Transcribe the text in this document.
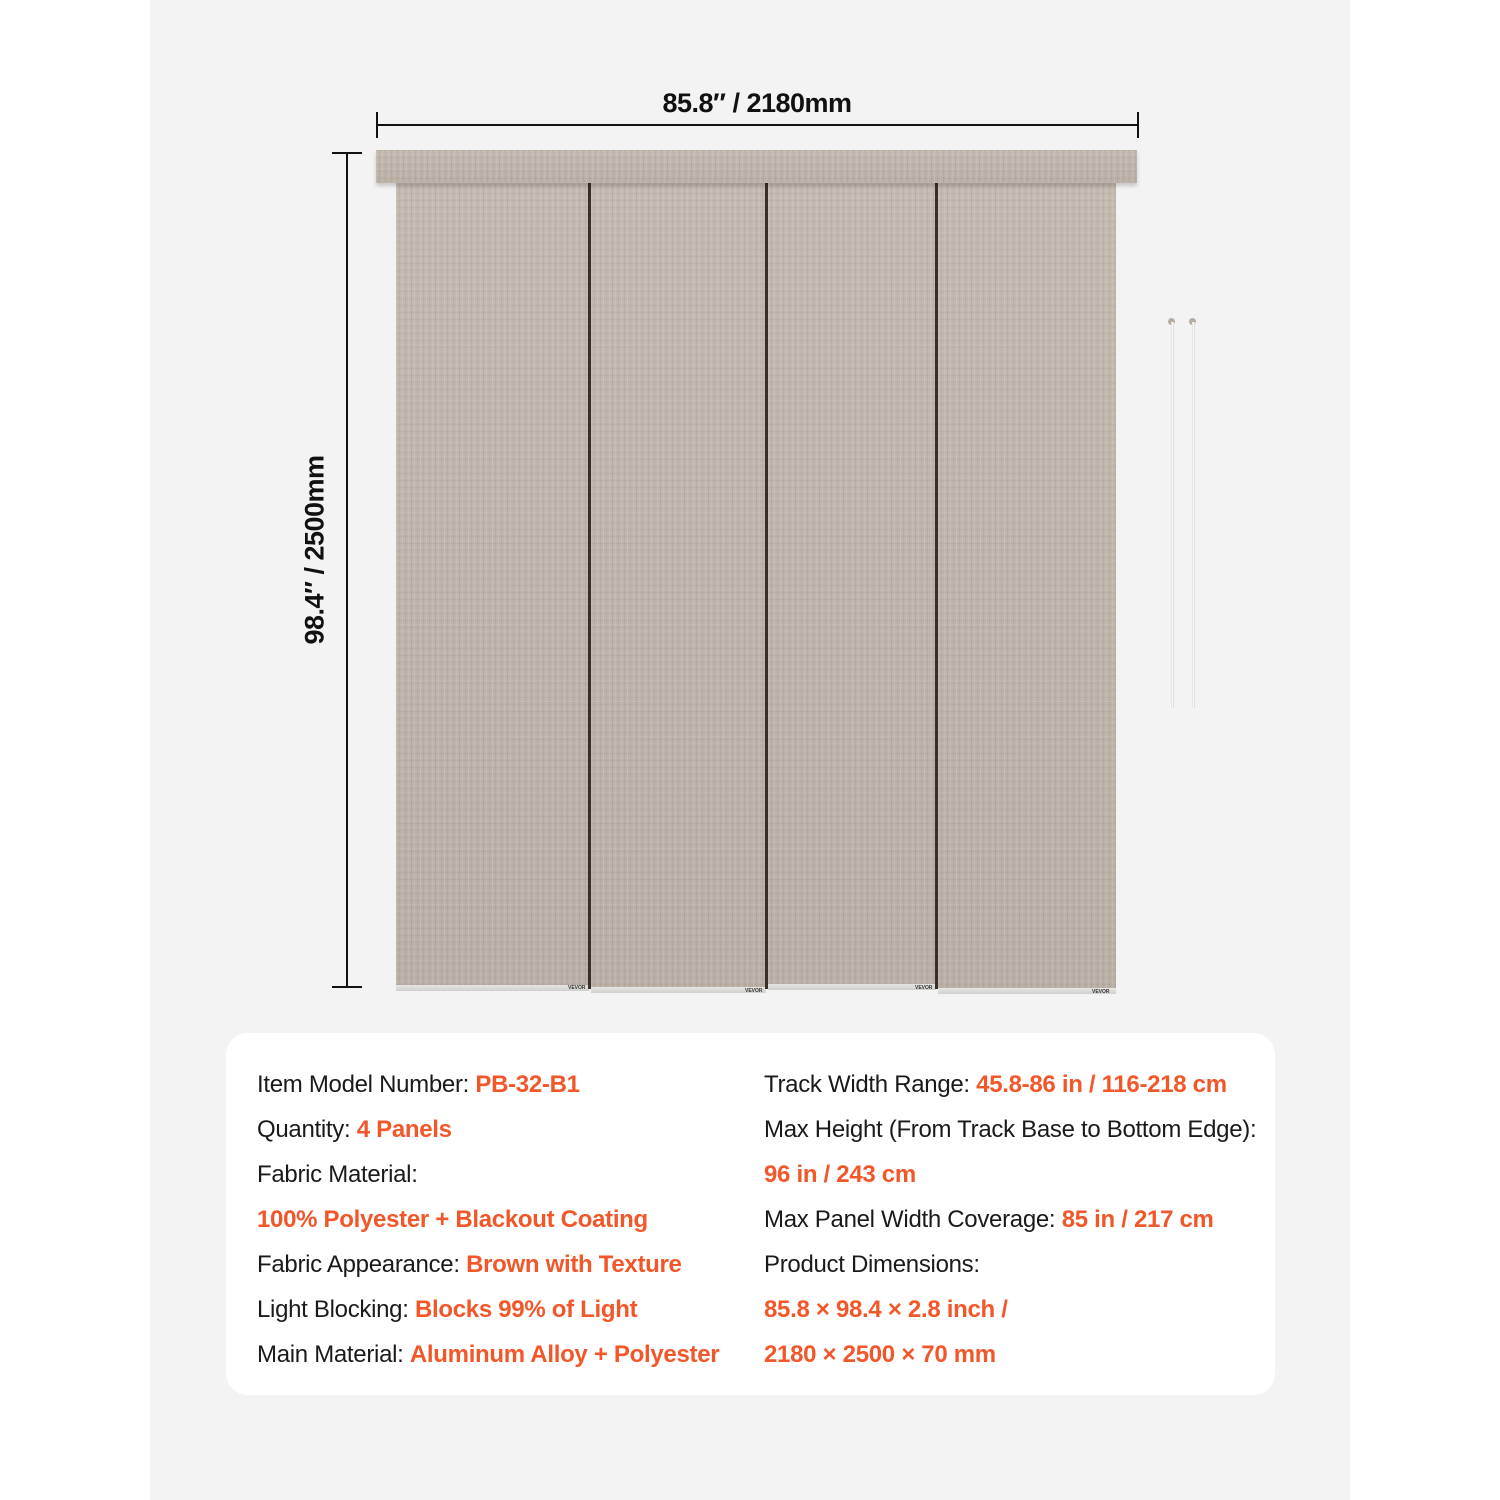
85.8″ / 2180mm
98.4″ / 2500mm
VEVOR	VEVOR	VEVOR
VEVOR
Item Model Number: PB-32-B1
Quantity: 4 Panels
Fabric Material:
100% Polyester + Blackout Coating
Fabric Appearance: Brown with Texture
Light Blocking: Blocks 99% of Light
Main Material: Aluminum Alloy + Polyester
Track Width Range: 45.8-86 in / 116-218 cm
Max Height (From Track Base to Bottom Edge):
96 in / 243 cm
Max Panel Width Coverage: 85 in / 217 cm
Product Dimensions:
85.8 × 98.4 × 2.8 inch /
2180 × 2500 × 70 mm
